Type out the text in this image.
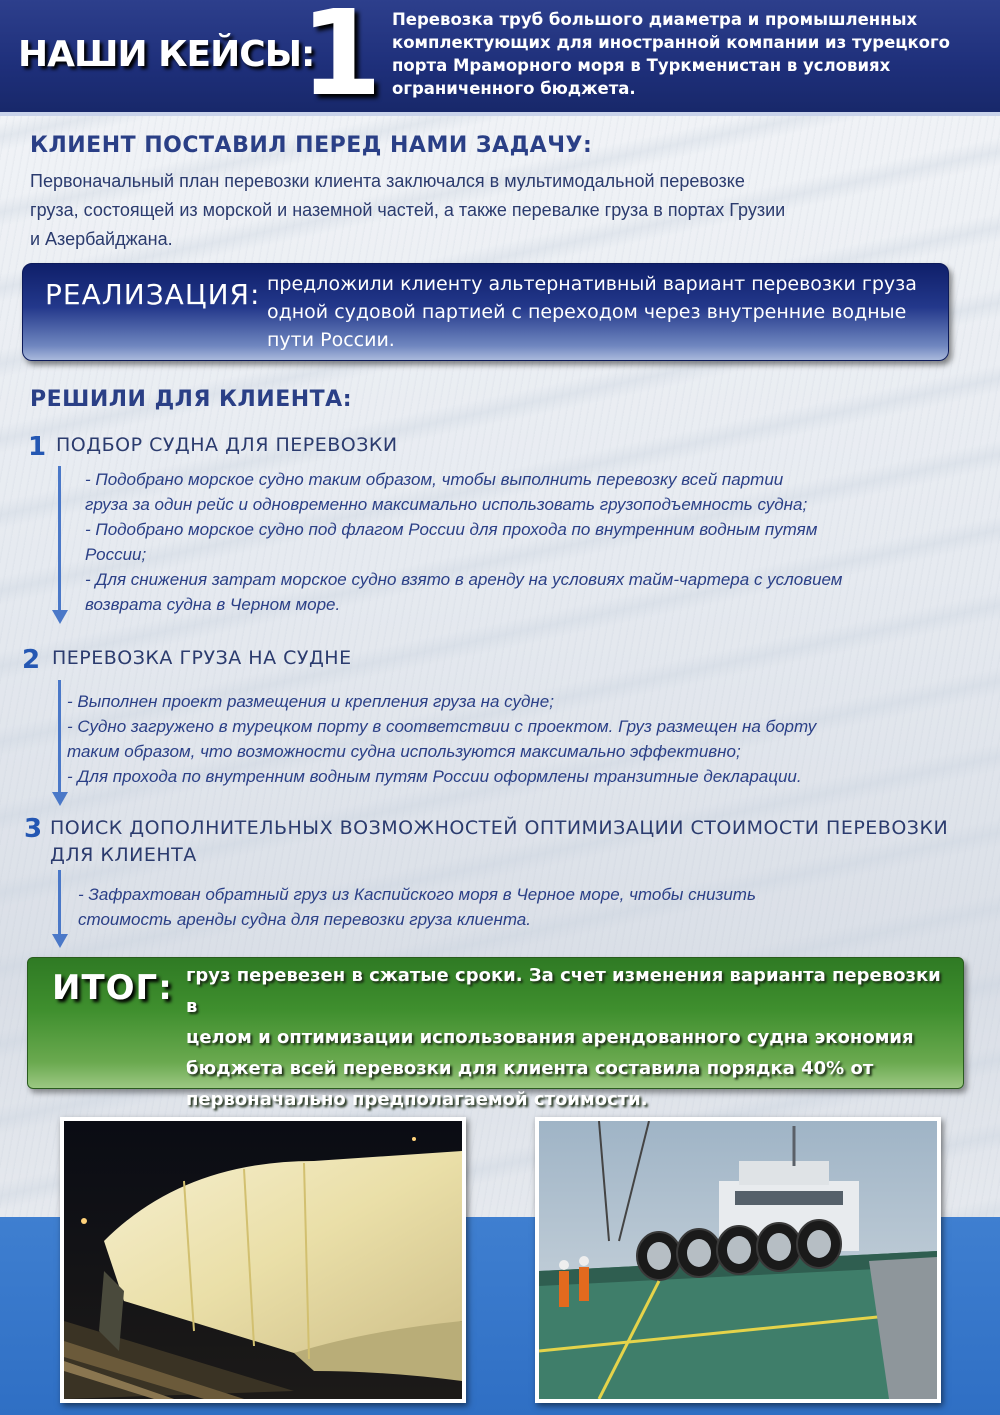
НАШИ КЕЙСЫ:
1 Перевозка труб большого диаметра и промышленных комплектующих для иностранной компании из турецкого порта Мраморного моря в Туркменистан в условиях ограниченного бюджета.
КЛИЕНТ ПОСТАВИЛ ПЕРЕД НАМИ ЗАДАЧУ:
Первоначальный план перевозки клиента заключался в мультимодальной перевозке
груза, состоящей из морской и наземной частей, а также перевалке груза в портах Грузии
и Азербайджана.
РЕАЛИЗАЦИЯ: предложили клиенту альтернативный вариант перевозки груза одной судовой партией с переходом через внутренние водные пути России.
РЕШИЛИ ДЛЯ КЛИЕНТА:
1 ПОДБОР СУДНА ДЛЯ ПЕРЕВОЗКИ
- Подобрано морское судно таким образом, чтобы выполнить перевозку всей партии
груза за один рейс и одновременно максимально использовать грузоподъемность судна;
- Подобрано морское судно под флагом России для прохода по внутренним водным путям
России;
- Для снижения затрат морское судно взято в аренду на условиях тайм-чартера с условием
возврата судна в Черном море.
2 ПЕРЕВОЗКА ГРУЗА НА СУДНЕ
- Выполнен проект размещения и крепления груза на судне;
- Судно загружено в турецком порту в соответствии с проектом. Груз размещен на борту
таким образом, что возможности судна используются максимально эффективно;
- Для прохода по внутренним водным путям России оформлены транзитные декларации.
3 ПОИСК ДОПОЛНИТЕЛЬНЫХ ВОЗМОЖНОСТЕЙ ОПТИМИЗАЦИИ СТОИМОСТИ ПЕРЕВОЗКИ
ДЛЯ КЛИЕНТА
- Зафрахтован обратный груз из Каспийского моря в Черное море, чтобы снизить
стоимость аренды судна для перевозки груза клиента.
ИТОГ: груз перевезен в сжатые сроки. За счет изменения варианта перевозки в
целом и оптимизации использования арендованного судна экономия
бюджета всей перевозки для клиента составила порядка 40% от
первоначально предполагаемой стоимости.
